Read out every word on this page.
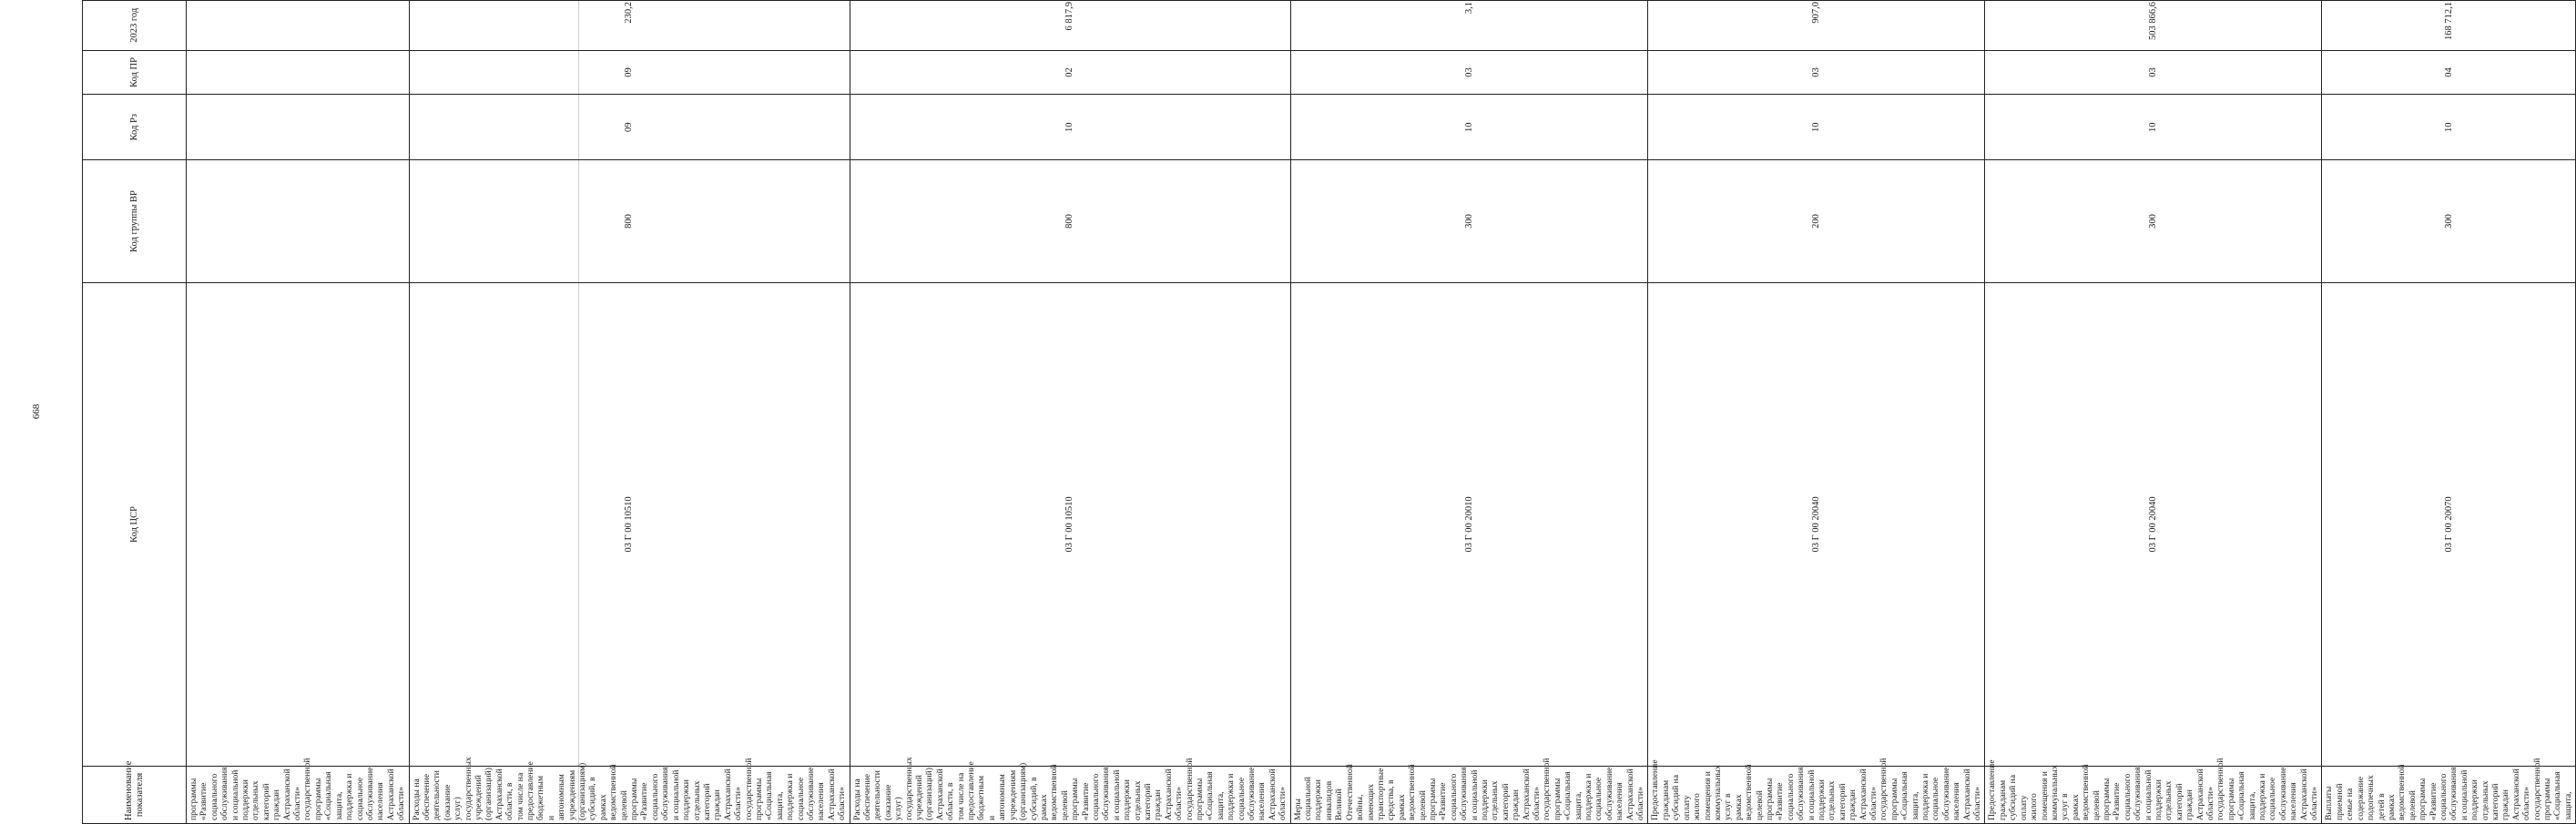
668
Наименование показателя	Код ЦСР	Код группы ВР	Код Рз	Код ПР	2023 год
программы «Развитие социального обслуживания и социальной поддержки отдельных категорий граждан Астраханской области» государственной программы «Социальная защита, поддержка и социальное обслуживание населения Астраханской области»					
Расходы на обеспечение деятельности (оказание услуг) государственных учреждений (организаций) Астраханской области, в том числе на предоставление бюджетным и автономным учреждениям (организациям) субсидий, в рамках ведомственной целевой программы «Развитие социального обслуживания и социальной поддержки отдельных категорий граждан Астраханской области» государственной программы «Социальная защита, поддержка и социальное обслуживание населения Астраханской области»	03 Г 00 10510	800	09	09	230,2
Расходы на обеспечение деятельности (оказание услуг) государственных учреждений (организаций) Астраханской области, в том числе на предоставление бюджетным и автономным учреждениям (организациям) субсидий, в рамках ведомственной целевой программы «Развитие социального обслуживания и социальной поддержки отдельных категорий граждан Астраханской области» государственной программы «Социальная защита, поддержка и социальное обслуживание населения Астраханской области»	03 Г 00 10510	800	10	02	6 817,9
Меры социальной поддержки инвалидов Великой Отечественной войны, имеющих транспортные средства, в рамках ведомственной целевой программы «Развитие социального обслуживания и социальной поддержки отдельных категорий граждан Астраханской области» государственной программы «Социальная защита, поддержка и социальное обслуживание населения Астраханской области»	03 Г 00 20010	300	10	03	3,1
Предоставление гражданам субсидий на оплату жилого помещения и коммунальных услуг в рамках ведомственной целевой программы «Развитие социального обслуживания и социальной поддержки отдельных категорий граждан Астраханской области» государственной программы «Социальная защита, поддержка и социальное обслуживание населения Астраханской области»	03 Г 00 20040	200	10	03	907,0
Предоставление гражданам субсидий на оплату жилого помещения и коммунальных услуг в рамках ведомственной целевой программы «Развитие социального обслуживания и социальной поддержки отдельных категорий граждан Астраханской области» государственной программы «Социальная защита, поддержка и социальное обслуживание населения Астраханской области»	03 Г 00 20040	300	10	03	503 866,6
Выплаты приемной семье на содержание подопечных детей в рамках ведомственной целевой программы «Развитие социального обслуживания и социальной поддержки отдельных категорий граждан Астраханской области» государственной программы «Социальная защита,	03 Г 00 20070	300	10	04	168 712,1
